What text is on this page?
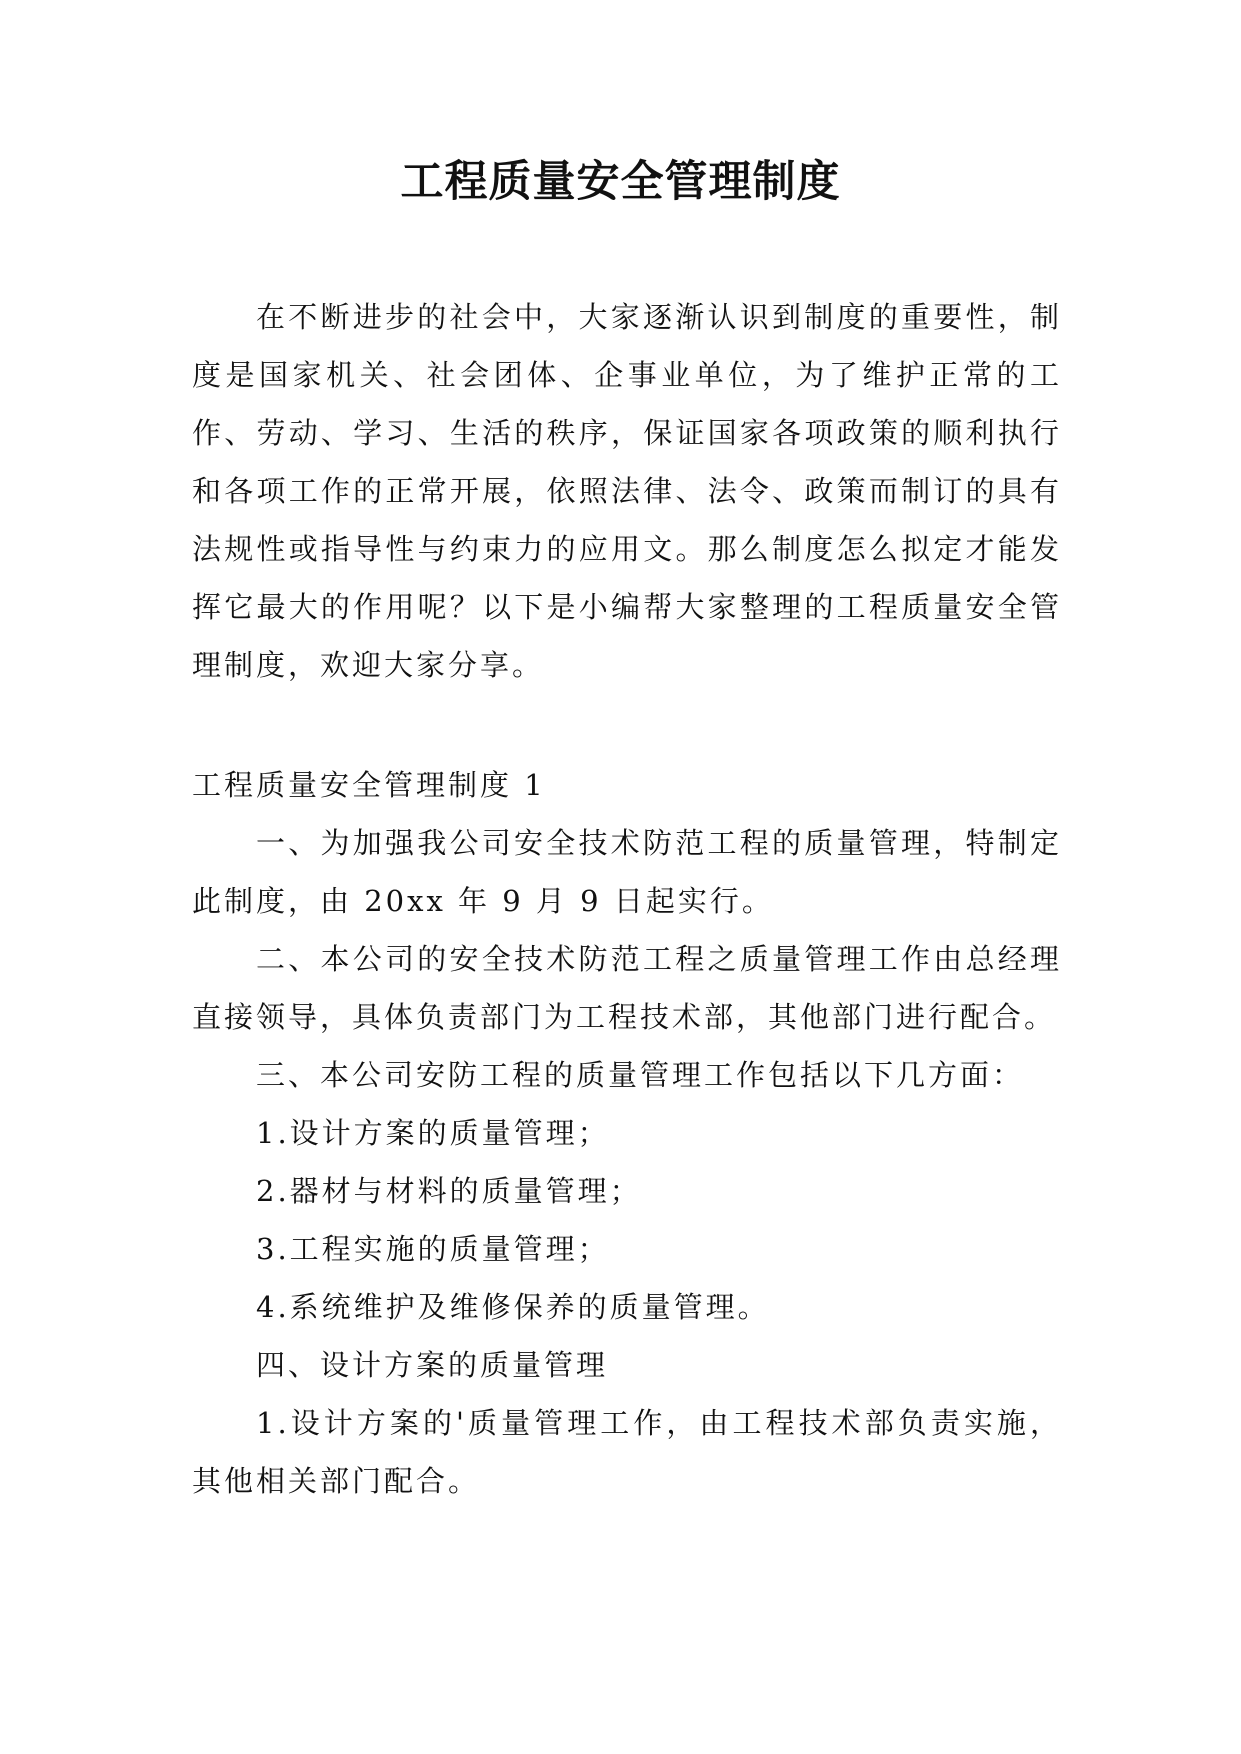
工程质量安全管理制度

在不断进步的社会中，大家逐渐认识到制度的重要性，制度是国家机关、社会团体、企事业单位，为了维护正常的工作、劳动、学习、生活的秩序，保证国家各项政策的顺利执行和各项工作的正常开展，依照法律、法令、政策而制订的具有法规性或指导性与约束力的应用文。那么制度怎么拟定才能发挥它最大的作用呢？以下是小编帮大家整理的工程质量安全管理制度，欢迎大家分享。

工程质量安全管理制度 1

一、为加强我公司安全技术防范工程的质量管理，特制定此制度，由 20xx 年 9 月 9 日起实行。

二、本公司的安全技术防范工程之质量管理工作由总经理直接领导，具体负责部门为工程技术部，其他部门进行配合。

三、本公司安防工程的质量管理工作包括以下几方面：

1.设计方案的质量管理；

2.器材与材料的质量管理；

3.工程实施的质量管理；

4.系统维护及维修保养的质量管理。

四、设计方案的质量管理

1.设计方案的'质量管理工作，由工程技术部负责实施，其他相关部门配合。
